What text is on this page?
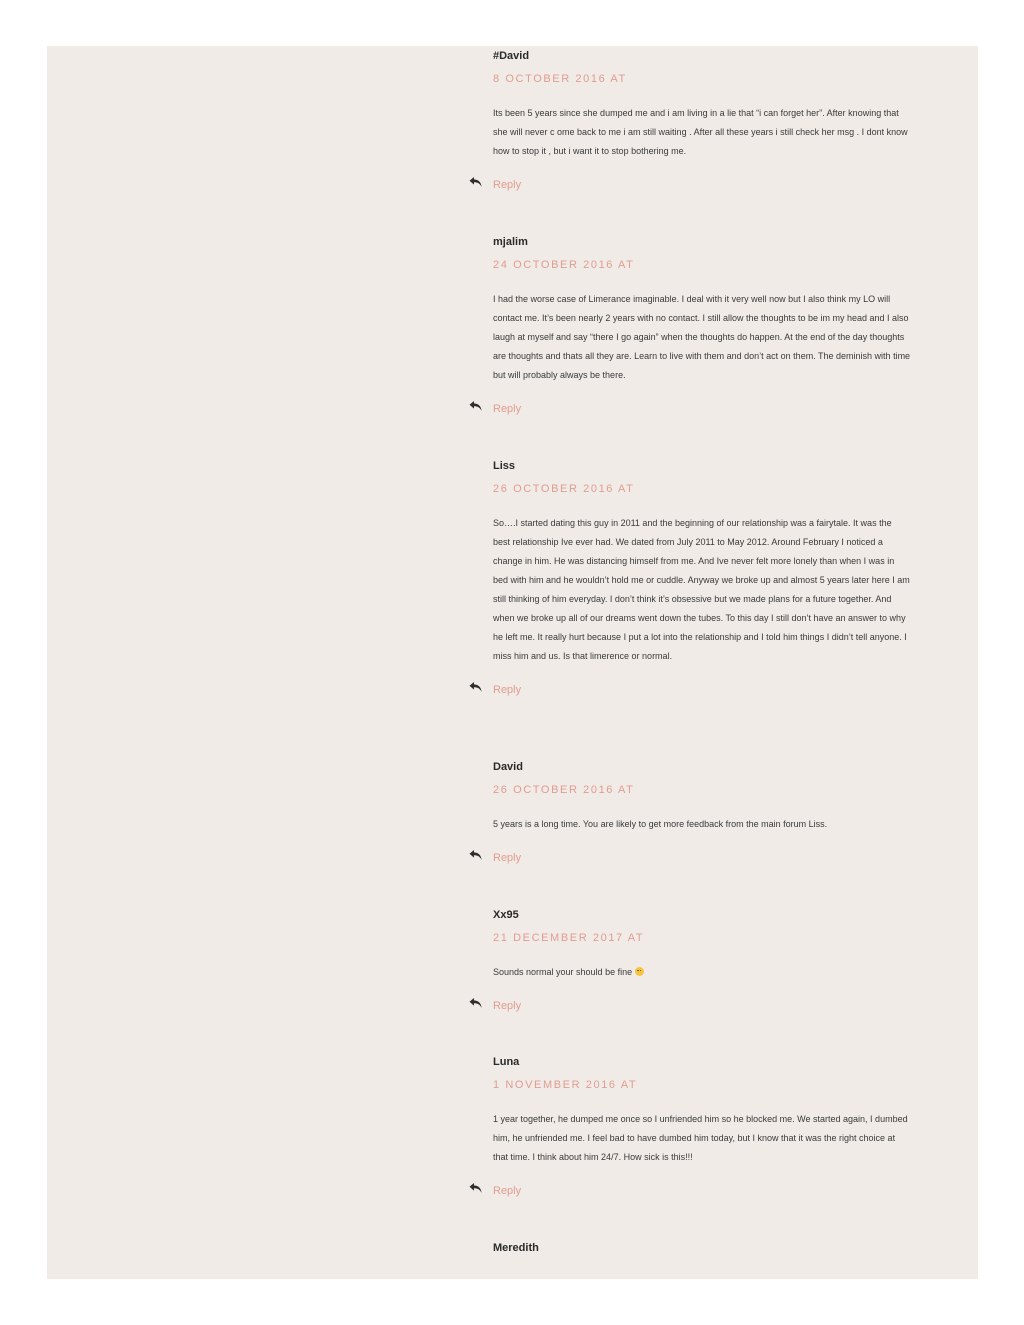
#David
8 OCTOBER 2016 AT
Its been 5 years since she dumped me and i am living in a lie that “i can forget her”. After knowing that she will never c ome back to me i am still waiting . After all these years i still check her msg . I dont know how to stop it , but i want it to stop bothering me.
Reply
mjalim
24 OCTOBER 2016 AT
I had the worse case of Limerance imaginable. I deal with it very well now but I also think my LO will contact me. It’s been nearly 2 years with no contact. I still allow the thoughts to be im my head and I also laugh at myself and say “there I go again” when the thoughts do happen. At the end of the day thoughts are thoughts and thats all they are. Learn to live with them and don’t act on them. The deminish with time but will probably always be there.
Reply
Liss
26 OCTOBER 2016 AT
So….I started dating this guy in 2011 and the beginning of our relationship was a fairytale. It was the best relationship Ive ever had. We dated from July 2011 to May 2012. Around February I noticed a change in him. He was distancing himself from me. And Ive never felt more lonely than when I was in bed with him and he wouldn’t hold me or cuddle. Anyway we broke up and almost 5 years later here I am still thinking of him everyday. I don’t think it’s obsessive but we made plans for a future together. And when we broke up all of our dreams went down the tubes. To this day I still don’t have an answer to why he left me. It really hurt because I put a lot into the relationship and I told him things I didn’t tell anyone. I miss him and us. Is that limerence or normal.
Reply
David
26 OCTOBER 2016 AT
5 years is a long time. You are likely to get more feedback from the main forum Liss.
Reply
Xx95
21 DECEMBER 2017 AT
Sounds normal your should be fine
Reply
Luna
1 NOVEMBER 2016 AT
1 year together, he dumped me once so I unfriended him so he blocked me. We started again, I dumbed him, he unfriended me. I feel bad to have dumbed him today, but I know that it was the right choice at that time. I think about him 24/7. How sick is this!!!
Reply
Meredith
